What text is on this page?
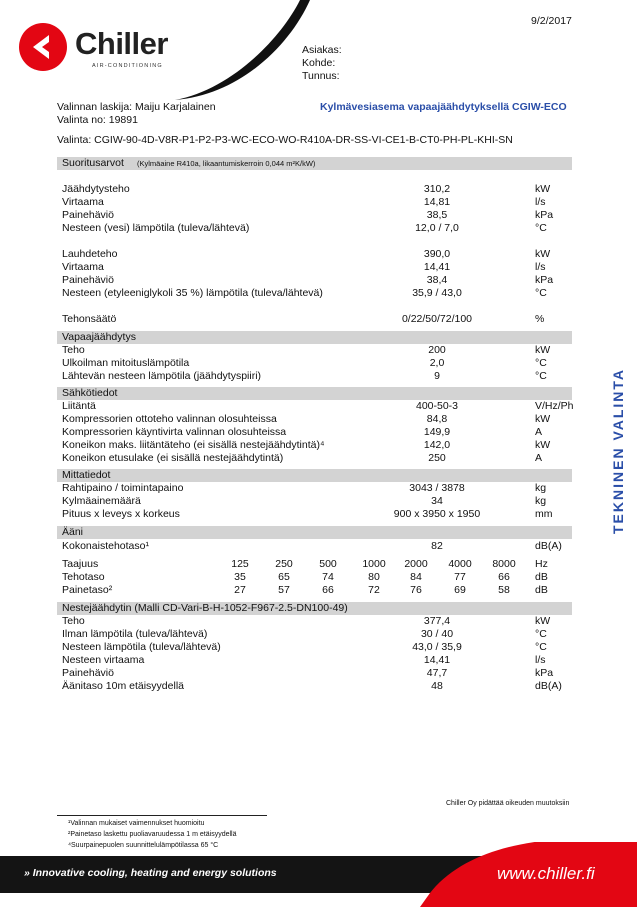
Chiller
AIR-CONDITIONING
9/2/2017
Asiakas:
Kohde:
Tunnus:
Valinnan laskija: Maiju Karjalainen
Valinta no: 19891
Kylmävesiasema vapaajäähdytyksellä CGIW-ECO
Valinta: CGIW-90-4D-V8R-P1-P2-P3-WC-ECO-WO-R410A-DR-SS-VI-CE1-B-CT0-PH-PL-KHI-SN
Suoritusarvot (Kylmäaine R410a, likaantumiskerroin 0,044 m²K/kW)
Jäähdytysteho	310,2	kW
Virtaama	14,81	l/s
Painehäviö	38,5	kPa
Nesteen (vesi) lämpötila (tuleva/lähtevä)	12,0 / 7,0	°C
Lauhdeteho	390,0	kW
Virtaama	14,41	l/s
Painehäviö	38,4	kPa
Nesteen (etyleeniglykoli 35 %) lämpötila (tuleva/lähtevä)	35,9 / 43,0	°C
Tehonsäätö	0/22/50/72/100	%
Vapaajäähdytys
Teho	200	kW
Ulkoilman mitoituslämpötila	2,0	°C
Lähtevän nesteen lämpötila (jäähdytyspiiri)	9	°C
Sähkötiedot
Liitäntä	400-50-3	V/Hz/Ph
Kompressorien ottoteho valinnan olosuhteissa	84,8	kW
Kompressorien käyntivirta valinnan olosuhteissa	149,9	A
Koneikon maks. liitäntäteho (ei sisällä nestejäähdytintä)⁴	142,0	kW
Koneikon etusulake (ei sisällä nestejäähdytintä)	250	A
Mittatiedot
Rahtipaino / toimintapaino	3043 / 3878	kg
Kylmäainemäärä	34	kg
Pituus x leveys x korkeus	900 x 3950 x 1950	mm
Ääni
Kokonaistehotaso¹	82	dB(A)
Taajuus	125	250	500	1000	2000	4000	8000	Hz
Tehotaso	35	65	74	80	84	77	66	dB
Painetaso²	27	57	66	72	76	69	58	dB
Nestejäähdytin (Malli CD-Vari-B-H-1052-F967-2.5-DN100-49)
Teho	377,4	kW
Ilman lämpötila (tuleva/lähtevä)	30 / 40	°C
Nesteen lämpötila (tuleva/lähtevä)	43,0 / 35,9	°C
Nesteen virtaama	14,41	l/s
Painehäviö	47,7	kPa
Äänitaso 10m etäisyydellä	48	dB(A)
TEKNINEN VALINTA
Chiller Oy pidättää oikeuden muutoksiin
¹Valinnan mukaiset vaimennukset huomioitu
²Painetaso laskettu puoliavaruudessa 1 m etäisyydellä
⁴Suurpainepuolen suunnittelulämpötilassa 65 °C
» Innovative cooling, heating and energy solutions	www.chiller.fi
